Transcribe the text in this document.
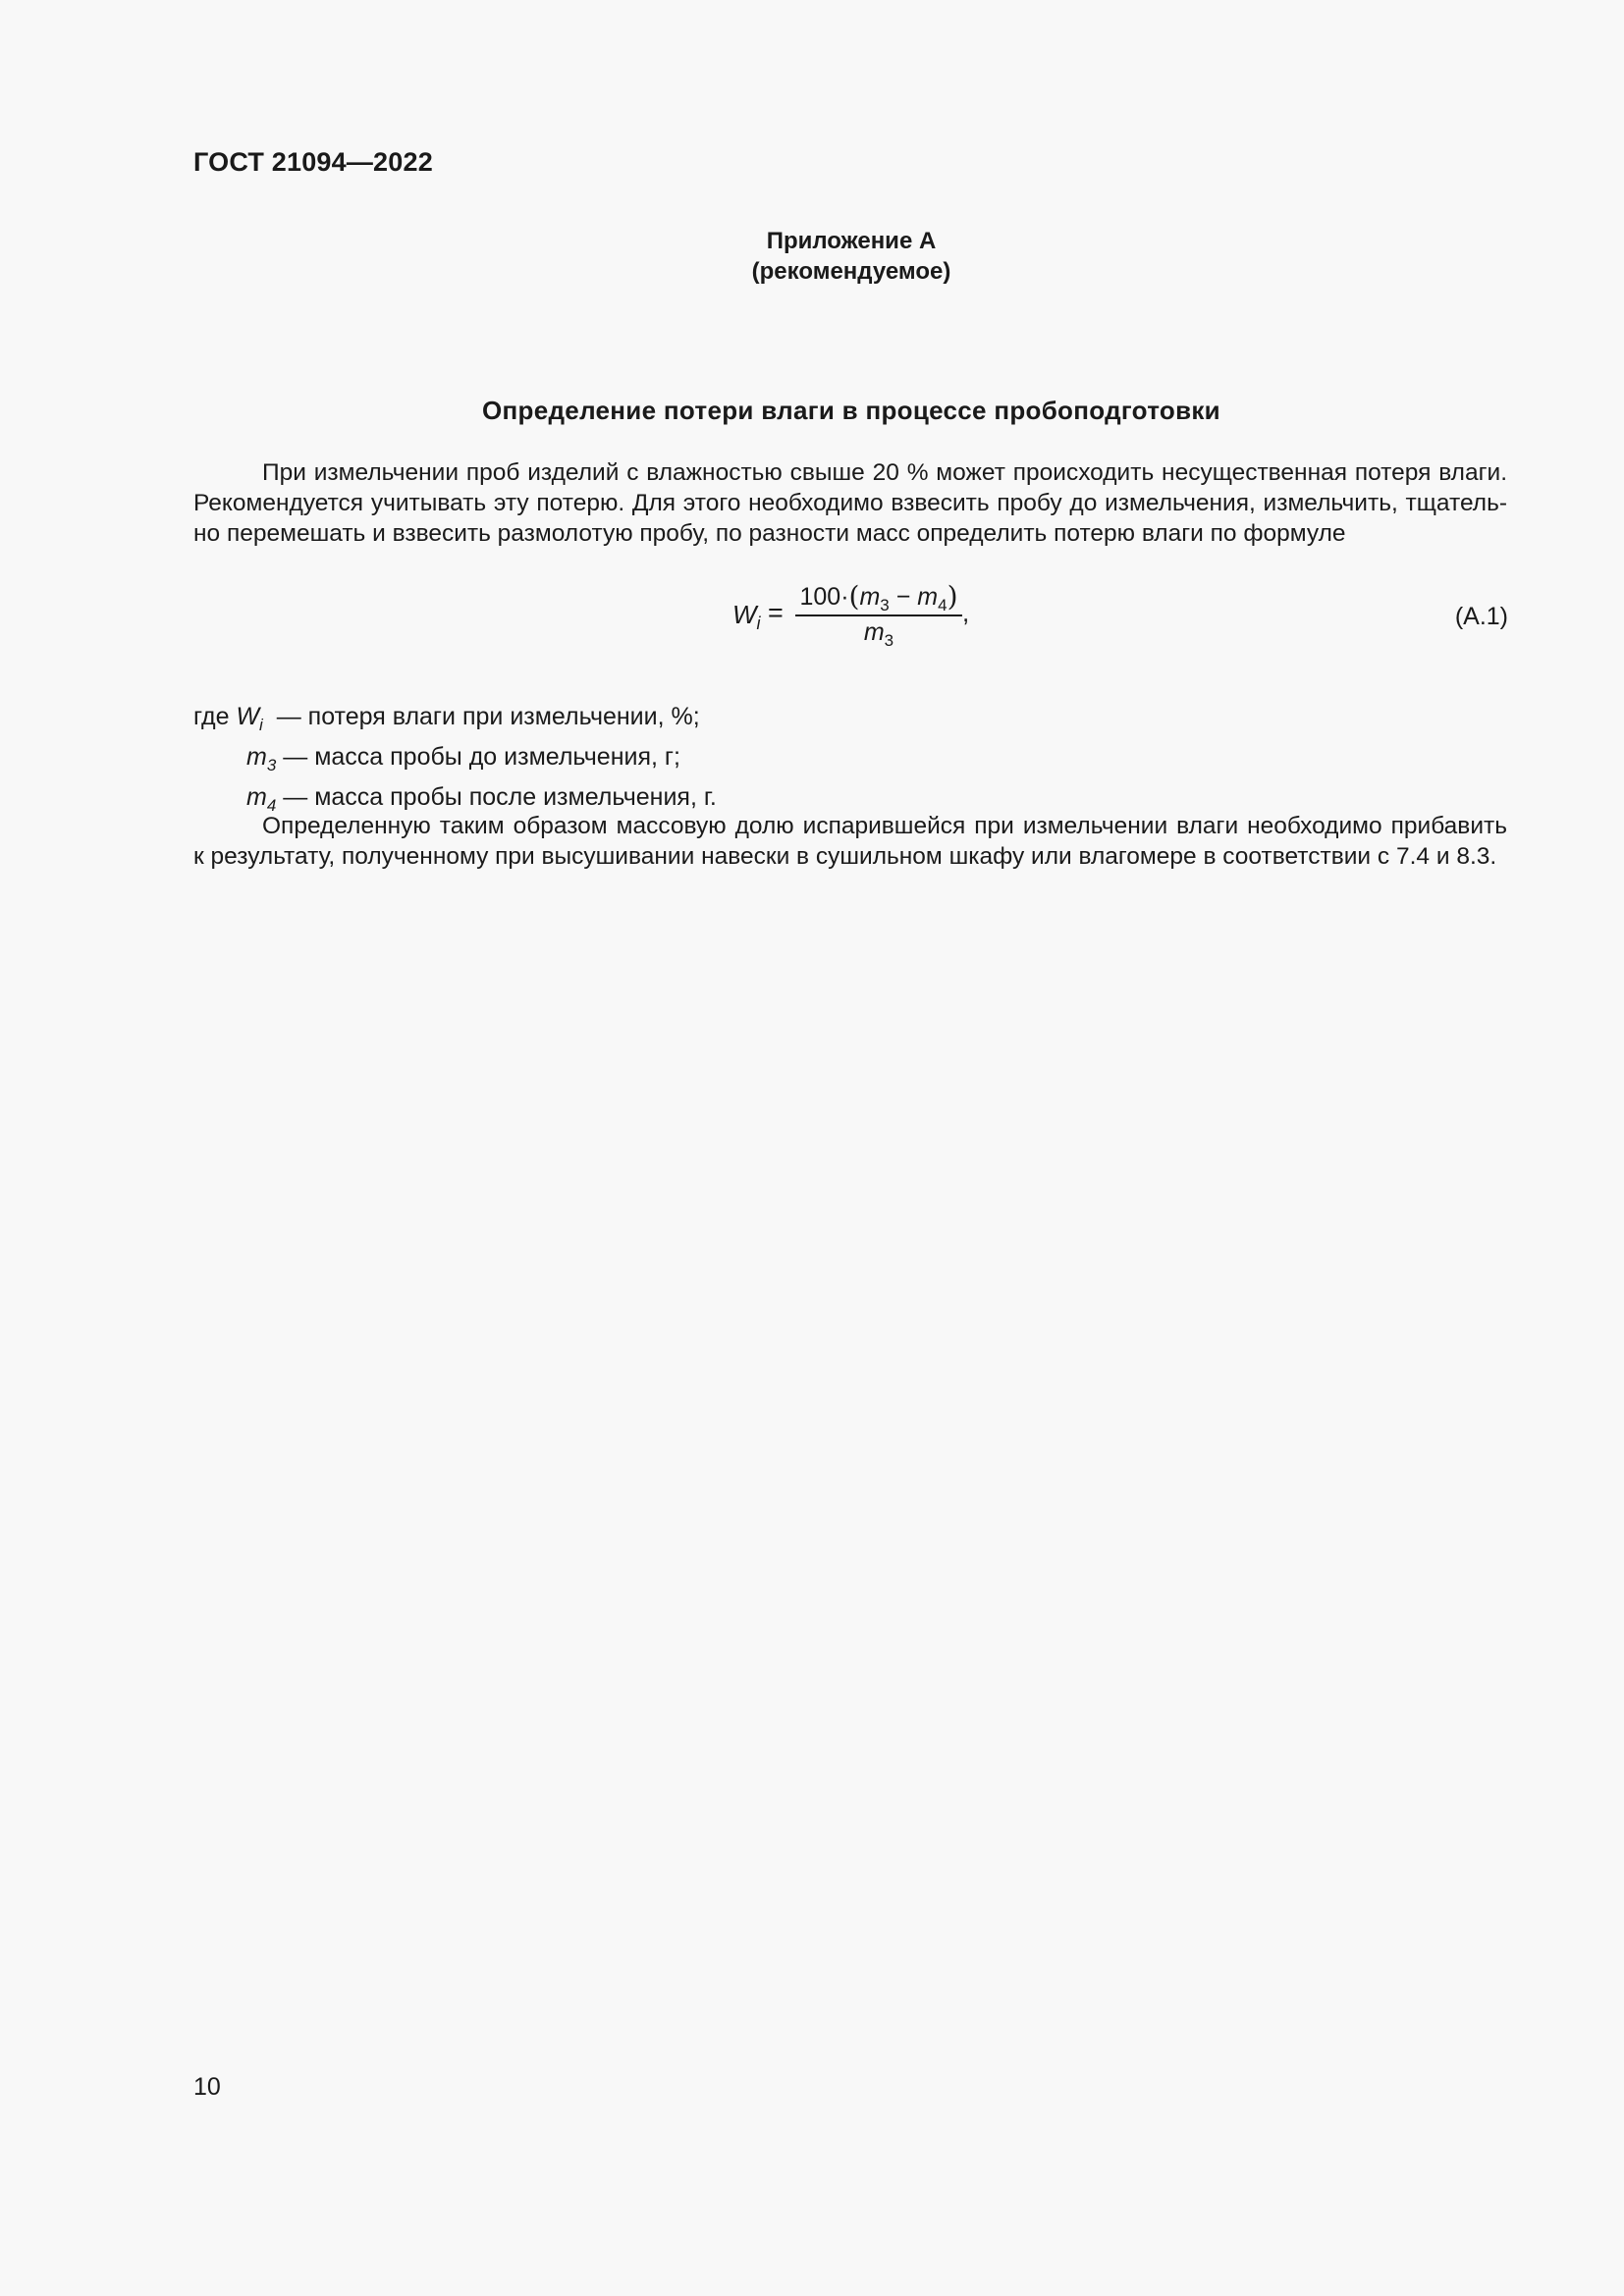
ГОСТ 21094—2022
Приложение А
(рекомендуемое)
Определение потери влаги в процессе пробоподготовки
При измельчении проб изделий с влажностью свыше 20 % может происходить несущественная потеря влаги.
Рекомендуется учитывать эту потерю. Для этого необходимо взвесить пробу до измельчения, измельчить, тщатель-
но перемешать и взвесить размолотую пробу, по разности масс определить потерю влаги по формуле
$W_i$ =
$100\cdot(m_3 - m_4)$
$m_3$
,	(А.1)
где $W_i$  — потеря влаги при измельчении, %;
$m_3$ — масса пробы до измельчения, г;
$m_4$ — масса пробы после измельчения, г.
Определенную таким образом массовую долю испарившейся при измельчении влаги необходимо прибавить
к результату, полученному при высушивании навески в сушильном шкафу или влагомере в соответствии с 7.4 и 8.3.
10
